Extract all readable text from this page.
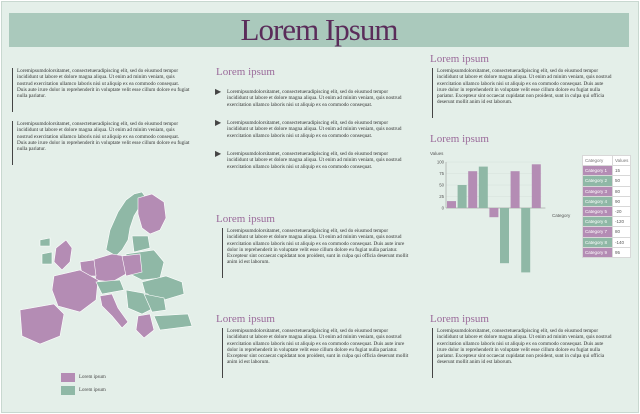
Lorem Ipsum
Loremipsumdolorsitamet, consectetueradipiscing elit, sed do eiusmod tempor incididunt ut labore et dolore magna aliqua. Ut enim ad minim veniam, quis nostrud exercitation ullamco laboris nisi ut aliquip ex ea commodo consequat. Duis aute irure dolor in reprehenderit in voluptate velit esse cillum dolore eu fugiat nulla pariatur.
Loremipsumdolorsitamet, consectetueradipiscing elit, sed do eiusmod tempor incididunt ut labore et dolore magna aliqua. Ut enim ad minim veniam, quis nostrud exercitation ullamco laboris nisi ut aliquip ex ea commodo consequat. Duis aute irure dolor in reprehenderit in voluptate velit esse cillum dolore eu fugiat nulla pariatur.
Lorem ipsum
Lorem ipsum
Lorem ipsum
▶ Loremipsumdolorsitamet, consectetueradipiscing elit, sed do eiusmod tempor incididunt ut labore et dolore magna aliqua. Ut enim ad minim veniam, quis nostrud exercitation ullamco laboris nisi ut aliquip ex ea commodo consequat.
▶ Loremipsumdolorsitamet, consectetueradipiscing elit, sed do eiusmod tempor incididunt ut labore et dolore magna aliqua. Ut enim ad minim veniam, quis nostrud exercitation ullamco laboris nisi ut aliquip ex ea commodo consequat.
▶ Loremipsumdolorsitamet, consectetueradipiscing elit, sed do eiusmod tempor incididunt ut labore et dolore magna aliqua. Ut enim ad minim veniam, quis nostrud exercitation ullamco laboris nisi ut aliquip ex ea commodo consequat.
Lorem ipsum
Loremipsumdolorsitamet, consectetueradipiscing elit, sed do eiusmod tempor incididunt ut labore et dolore magna aliqua. Ut enim ad minim veniam, quis nostrud exercitation ullamco laboris nisi ut aliquip ex ea commodo consequat. Duis aute irure dolor in reprehenderit in voluptate velit esse cillum dolore eu fugiat nulla pariatur. Excepteur sint occaecat cupidatat non proident, sunt in culpa qui officia deserunt mollit anim id est laborum.
Lorem ipsum
Loremipsumdolorsitamet, consectetueradipiscing elit, sed do eiusmod tempor incididunt ut labore et dolore magna aliqua. Ut enim ad minim veniam, quis nostrud exercitation ullamco laboris nisi ut aliquip ex ea commodo consequat. Duis aute irure dolor in reprehenderit in voluptate velit esse cillum dolore eu fugiat nulla pariatur. Excepteur sint occaecat cupidatat non proident, sunt in culpa qui officia deserunt mollit anim id est laborum.
Lorem ipsum
Loremipsumdolorsitamet, consectetueradipiscing elit, sed do eiusmod tempor incididunt ut labore et dolore magna aliqua. Ut enim ad minim veniam, quis nostrud exercitation ullamco laboris nisi ut aliquip ex ea commodo consequat. Duis aute irure dolor in reprehenderit in voluptate velit esse cillum dolore eu fugiat nulla pariatur. Excepteur sint occaecat cupidatat non proident, sunt in culpa qui officia deserunt mollit anim id est laborum.
Lorem ipsum
Values
100
75
50
25
0
Category
Category	Values
Category 1	15
Category 2	50
Category 3	80
Category 4	90
Category 5	-20
Category 6	-120
Category 7	80
Category 8	-140
Category 9	95
Lorem ipsum
Loremipsumdolorsitamet, consectetueradipiscing elit, sed do eiusmod tempor incididunt ut labore et dolore magna aliqua. Ut enim ad minim veniam, quis nostrud exercitation ullamco laboris nisi ut aliquip ex ea commodo consequat. Duis aute irure dolor in reprehenderit in voluptate velit esse cillum dolore eu fugiat nulla pariatur. Excepteur sint occaecat cupidatat non proident, sunt in culpa qui officia deserunt mollit anim id est laborum.
